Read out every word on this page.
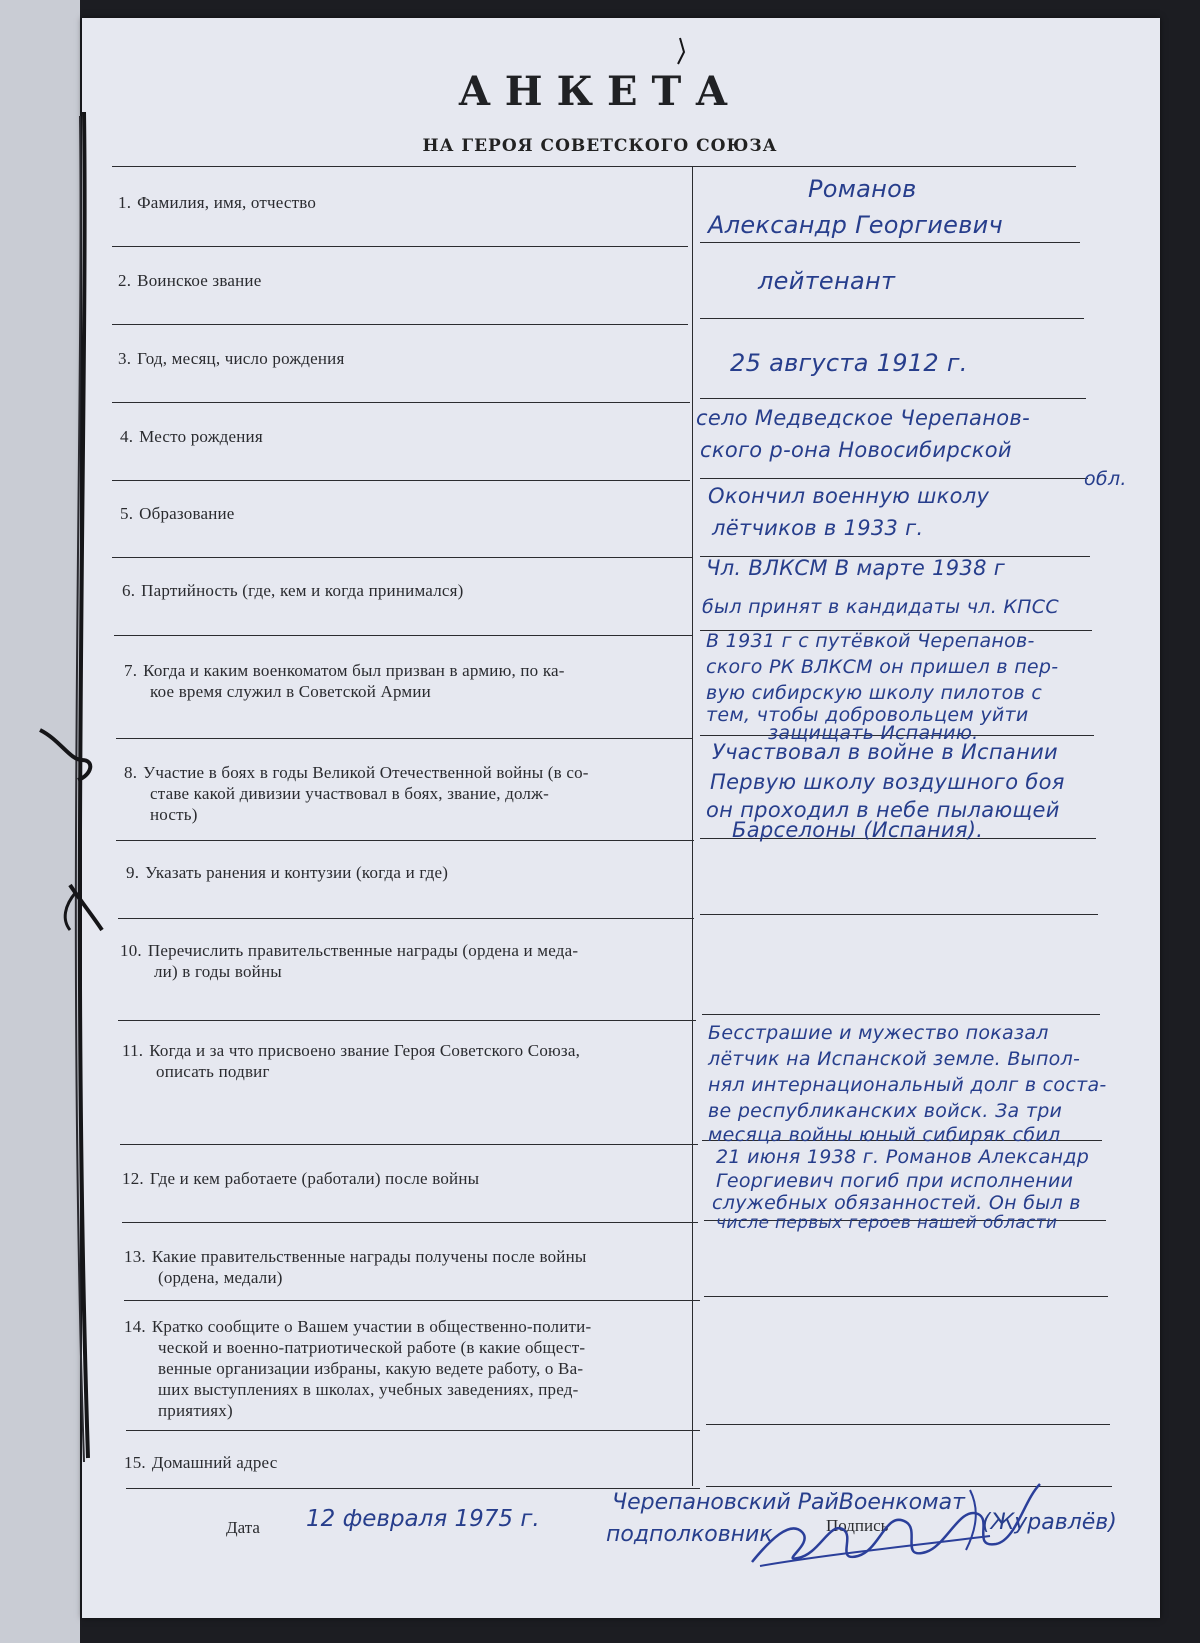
АНКЕТА
НА ГЕРОЯ СОВЕТСКОГО СОЮЗА
1. Фамилия, имя, отчество
2. Воинское звание
3. Год, месяц, число рождения
4. Место рождения
5. Образование
6. Партийность (где, кем и когда принимался)
7. Когда и каким военкоматом был призван в армию, по ка-
кое время служил в Советской Армии
8. Участие в боях в годы Великой Отечественной войны (в со-
ставе какой дивизии участвовал в боях, звание, долж-
ность)
9. Указать ранения и контузии (когда и где)
10. Перечислить правительственные награды (ордена и меда-
ли) в годы войны
11. Когда и за что присвоено звание Героя Советского Союза,
описать подвиг
12. Где и кем работаете (работали) после войны
13. Какие правительственные награды получены после войны
(ордена, медали)
14. Кратко сообщите о Вашем участии в общественно-полити-
ческой и военно-патриотической работе (в какие общест-
венные организации избраны, какую ведете работу, о Ва-
ших выступлениях в школах, учебных заведениях, пред-
приятиях)
15. Домашний адрес
Романов
Александр Георгиевич
лейтенант
25 августа 1912 г.
село Медведское Черепанов-
ского р-она Новосибирской
обл.
Окончил военную школу
лётчиков в 1933 г.
Чл. ВЛКСМ В марте 1938 г
был принят в кандидаты чл. КПСС
В 1931 г с путёвкой Черепанов-
ского РК ВЛКСМ он пришел в пер-
вую сибирскую школу пилотов с
тем, чтобы добровольцем уйти
защищать Испанию.
Участвовал в войне в Испании
Первую школу воздушного боя
он проходил в небе пылающей
Барселоны (Испания).
Бесстрашие и мужество показал
лётчик на Испанской земле. Выпол-
нял интернациональный долг в соста-
ве республиканских войск. За три
месяца войны юный сибиряк сбил
21 июня 1938 г. Романов Александр
Георгиевич погиб при исполнении
служебных обязанностей. Он был в
числе первых героев нашей области
Дата 12 февраля 1975 г.	Подпись
Черепановский РайВоенкомат
подполковник	(Журавлёв)
